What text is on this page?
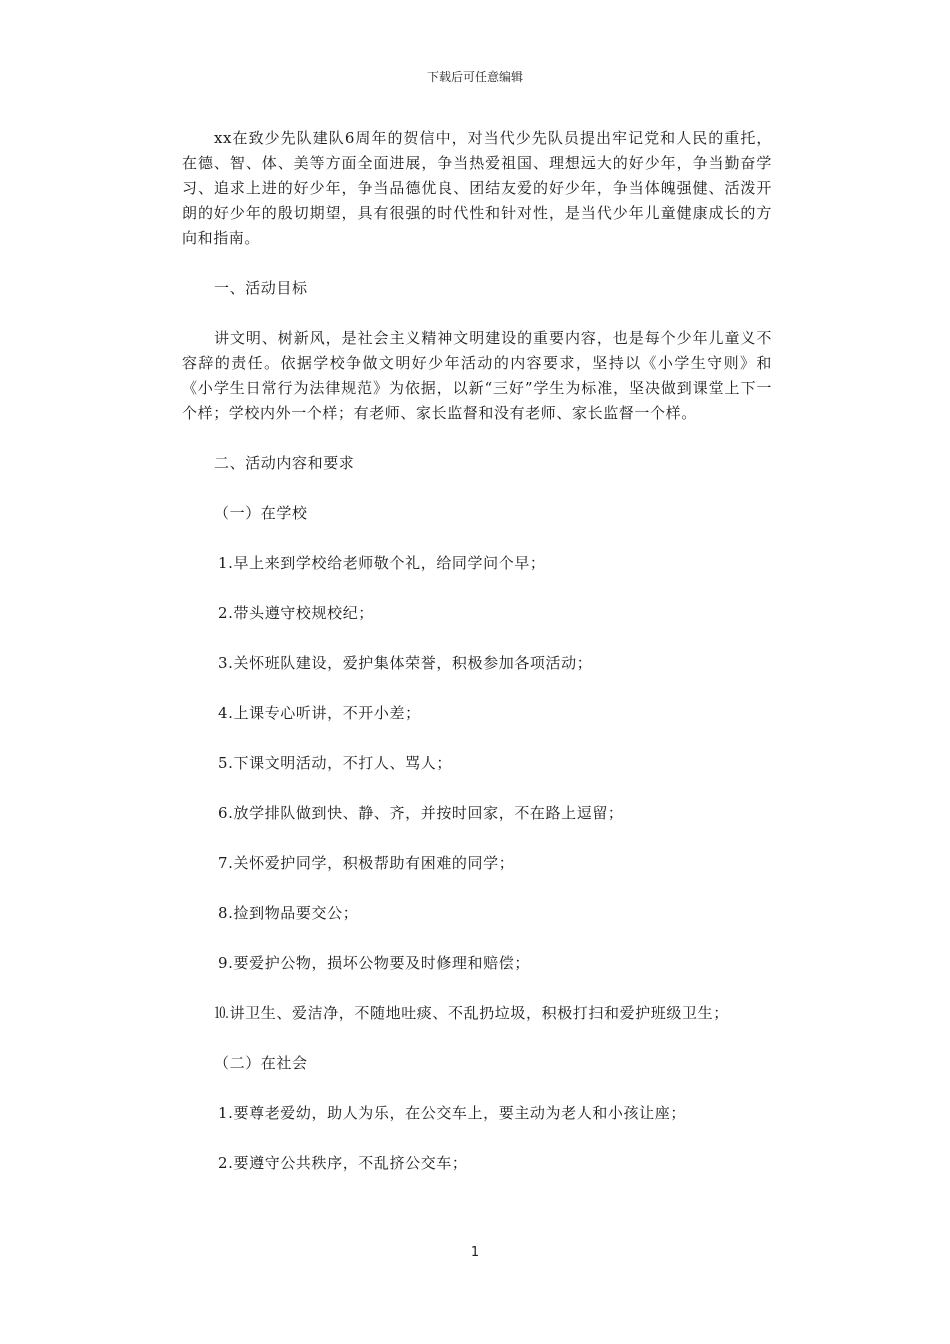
下载后可任意编辑

xx在致少先队建队6周年的贺信中，对当代少先队员提出牢记党和人民的重托，在德、智、体、美等方面全面进展，争当热爱祖国、理想远大的好少年，争当勤奋学习、追求上进的好少年，争当品德优良、团结友爱的好少年，争当体魄强健、活泼开朗的好少年的殷切期望，具有很强的时代性和针对性，是当代少年儿童健康成长的方向和指南。

一、活动目标

讲文明、树新风，是社会主义精神文明建设的重要内容，也是每个少年儿童义不容辞的责任。依据学校争做文明好少年活动的内容要求，坚持以《小学生守则》和《小学生日常行为法律规范》为依据，以新“三好”学生为标准，坚决做到课堂上下一个样；学校内外一个样；有老师、家长监督和没有老师、家长监督一个样。

二、活动内容和要求

（一）在学校

1.早上来到学校给老师敬个礼，给同学问个早；

2.带头遵守校规校纪；

3.关怀班队建设，爱护集体荣誉，积极参加各项活动；

4.上课专心听讲，不开小差；

5.下课文明活动，不打人、骂人；

6.放学排队做到快、静、齐，并按时回家，不在路上逗留；

7.关怀爱护同学，积极帮助有困难的同学；

8.捡到物品要交公；

9.要爱护公物，损坏公物要及时修理和赔偿；

⒑讲卫生、爱洁净，不随地吐痰、不乱扔垃圾，积极打扫和爱护班级卫生；

（二）在社会

1.要尊老爱幼，助人为乐，在公交车上，要主动为老人和小孩让座；

2.要遵守公共秩序，不乱挤公交车；

1
